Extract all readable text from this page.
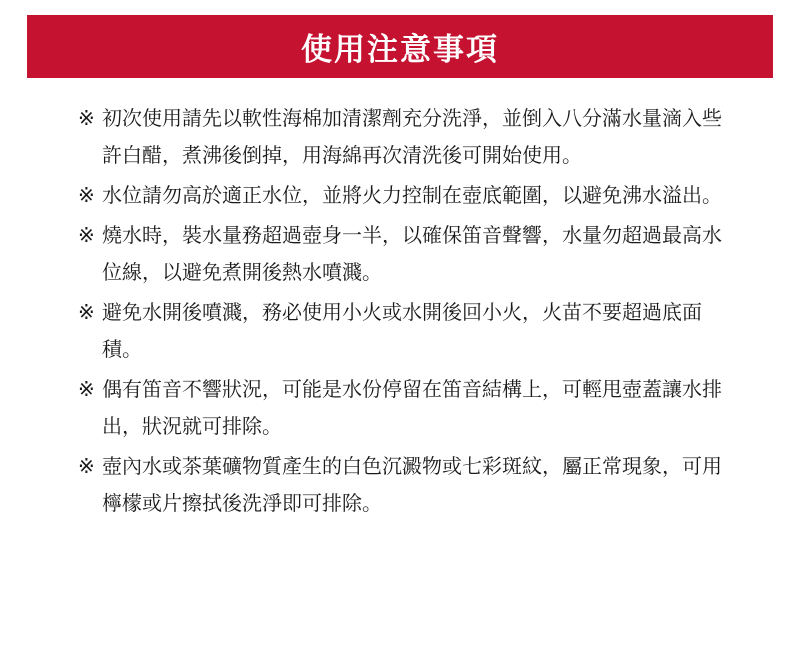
使用注意事項
※ 初次使用請先以軟性海棉加清潔劑充分洗淨，並倒入八分滿水量滴入些許白醋，煮沸後倒掉，用海綿再次清洗後可開始使用。
※ 水位請勿高於適正水位，並將火力控制在壺底範圍，以避免沸水溢出。
※ 燒水時，裝水量務超過壺身一半，以確保笛音聲響，水量勿超過最高水位線，以避免煮開後熱水噴濺。
※ 避免水開後噴濺，務必使用小火或水開後回小火，火苗不要超過底面積。
※ 偶有笛音不響狀況，可能是水份停留在笛音結構上，可輕甩壺蓋讓水排出，狀況就可排除。
※ 壺內水或茶葉礦物質產生的白色沉澱物或七彩斑紋，屬正常現象，可用檸檬或片擦拭後洗淨即可排除。
